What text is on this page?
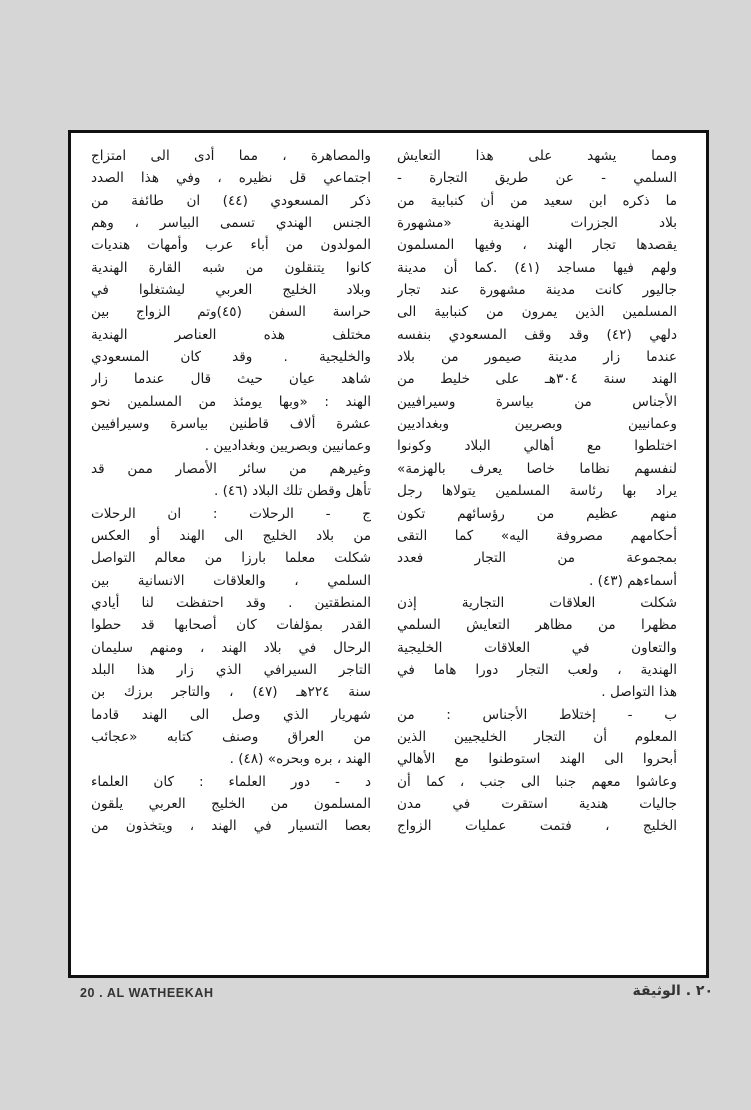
ومما يشهد على هذا التعايش
السلمي - عن طريق التجارة -
ما ذكره ابن سعيد من أن كنبابية من
بلاد الجزرات الهندية «مشهورة
يقصدها تجار الهند ، وفيها المسلمون
ولهم فيها مساجد (٤١) .كما أن مدينة
جاليور كانت مدينة مشهورة عند تجار
المسلمين الذين يمرون من كنبابية الى
دلهي (٤٢) وقد وقف المسعودي بنفسه
عندما زار مدينة صيمور من بلاد
الهند سنة ٣٠٤هـ على خليط من
الأجناس من بياسرة وسيرافيين
وعمانيين وبصريين وبغداديين
اختلطوا مع أهالي البلاد وكونوا
لنفسهم نظاما خاصا يعرف بالهزمة»
يراد بها رئاسة المسلمين يتولاها رجل
منهم عظيم من رؤسائهم تكون
أحكامهم مصروفة اليه» كما التقى
بمجموعة من التجار فعدد
أسماءهم (٤٣) .
شكلت العلاقات التجارية إذن
مظهرا من مظاهر التعايش السلمي
والتعاون في العلاقات الخليجية
الهندية ، ولعب التجار دورا هاما في
هذا التواصل .
ب - إختلاط الأجناس : من
المعلوم أن التجار الخليجيين الذين
أبحروا الى الهند استوطنوا مع الأهالي
وعاشوا معهم جنبا الى جنب ، كما أن
جاليات هندية استقرت في مدن
الخليج ، فتمت عمليات الزواج
والمصاهرة ، مما أدى الى امتزاج
اجتماعي قل نظيره ، وفي هذا الصدد
ذكر المسعودي (٤٤) ان طائفة من
الجنس الهندي تسمى البياسر ، وهم
المولدون من أباء عرب وأمهات هنديات
كانوا يتنقلون من شبه القارة الهندية
وبلاد الخليج العربي ليشتغلوا في
حراسة السفن (٤٥)وتم الزواج بين
مختلف هذه العناصر الهندية
والخليجية . وقد كان المسعودي
شاهد عيان حيث قال عندما زار
الهند : «وبها يومئذ من المسلمين نحو
عشرة ألاف قاطنين بياسرة وسيرافيين
وعمانيين وبصريين وبغداديين .
وغيرهم من سائر الأمصار ممن قد
تأهل وقطن تلك البلاد (٤٦) .
ج - الرحلات : ان الرحلات
من بلاد الخليج الى الهند أو العكس
شكلت معلما بارزا من معالم التواصل
السلمي ، والعلاقات الانسانية بين
المنطقتين . وقد احتفظت لنا أيادي
القدر بمؤلفات كان أصحابها قد حطوا
الرحال في بلاد الهند ، ومنهم سليمان
التاجر السيرافي الذي زار هذا البلد
سنة ٢٢٤هـ (٤٧) ، والتاجر برزك بن
شهريار الذي وصل الى الهند قادما
من العراق وصنف كتابه «عجائب
الهند ، بره وبحره» (٤٨) .
د - دور العلماء : كان العلماء
المسلمون من الخليج العربي يلقون
بعصا التسيار في الهند ، ويتخذون من
20 . AL WATHEEKAH	٢٠ . الوثيقة
